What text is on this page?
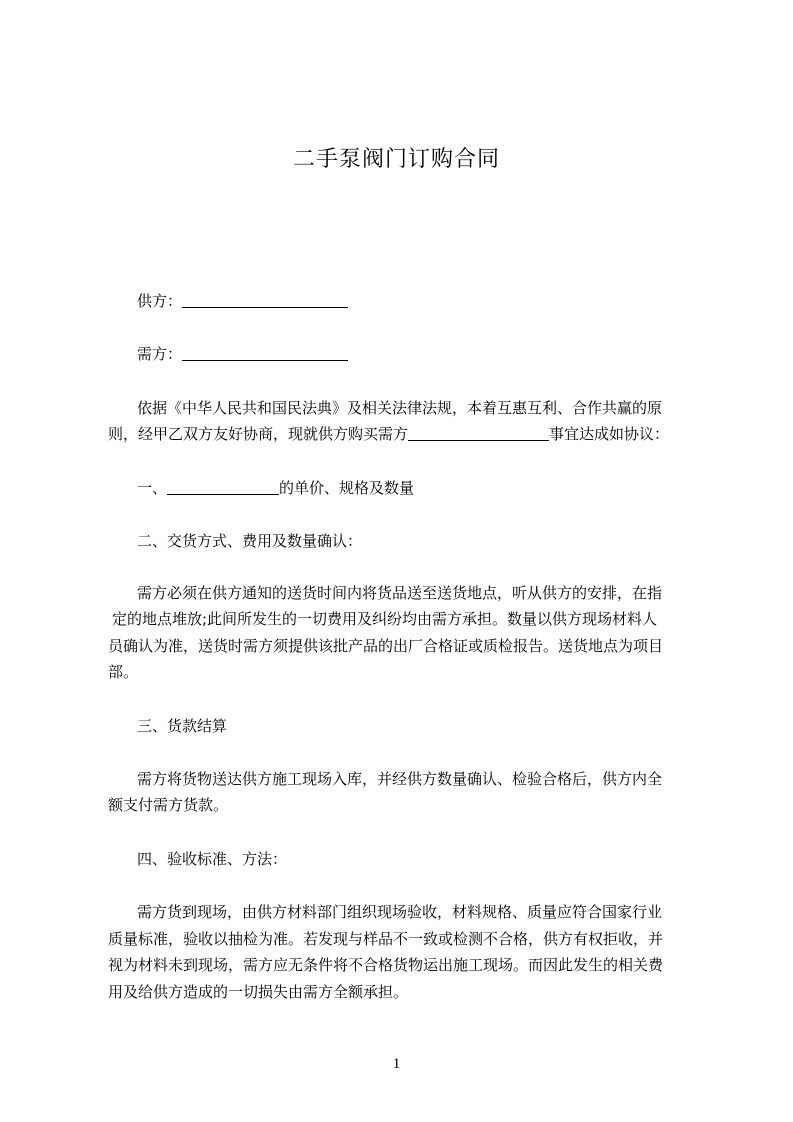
二手泵阀门订购合同
供方：
需方：
依据《中华人民共和国民法典》及相关法律法规，本着互惠互利、合作共赢的原
则，经甲乙双方友好协商，现就供方购买需方	事宜达成如协议：
一、	的单价、规格及数量
二、交货方式、费用及数量确认：
需方必须在供方通知的送货时间内将货品送至送货地点，听从供方的安排，在指
定的地点堆放;此间所发生的一切费用及纠纷均由需方承担。数量以供方现场材料人
员确认为准，送货时需方须提供该批产品的出厂合格证或质检报告。送货地点为项目
部。
三、货款结算
需方将货物送达供方施工现场入库，并经供方数量确认、检验合格后，供方内全
额支付需方货款。
四、验收标准、方法：
需方货到现场，由供方材料部门组织现场验收，材料规格、质量应符合国家行业
质量标准，验收以抽检为准。若发现与样品不一致或检测不合格，供方有权拒收，并
视为材料未到现场，需方应无条件将不合格货物运出施工现场。而因此发生的相关费
用及给供方造成的一切损失由需方全额承担。
1
